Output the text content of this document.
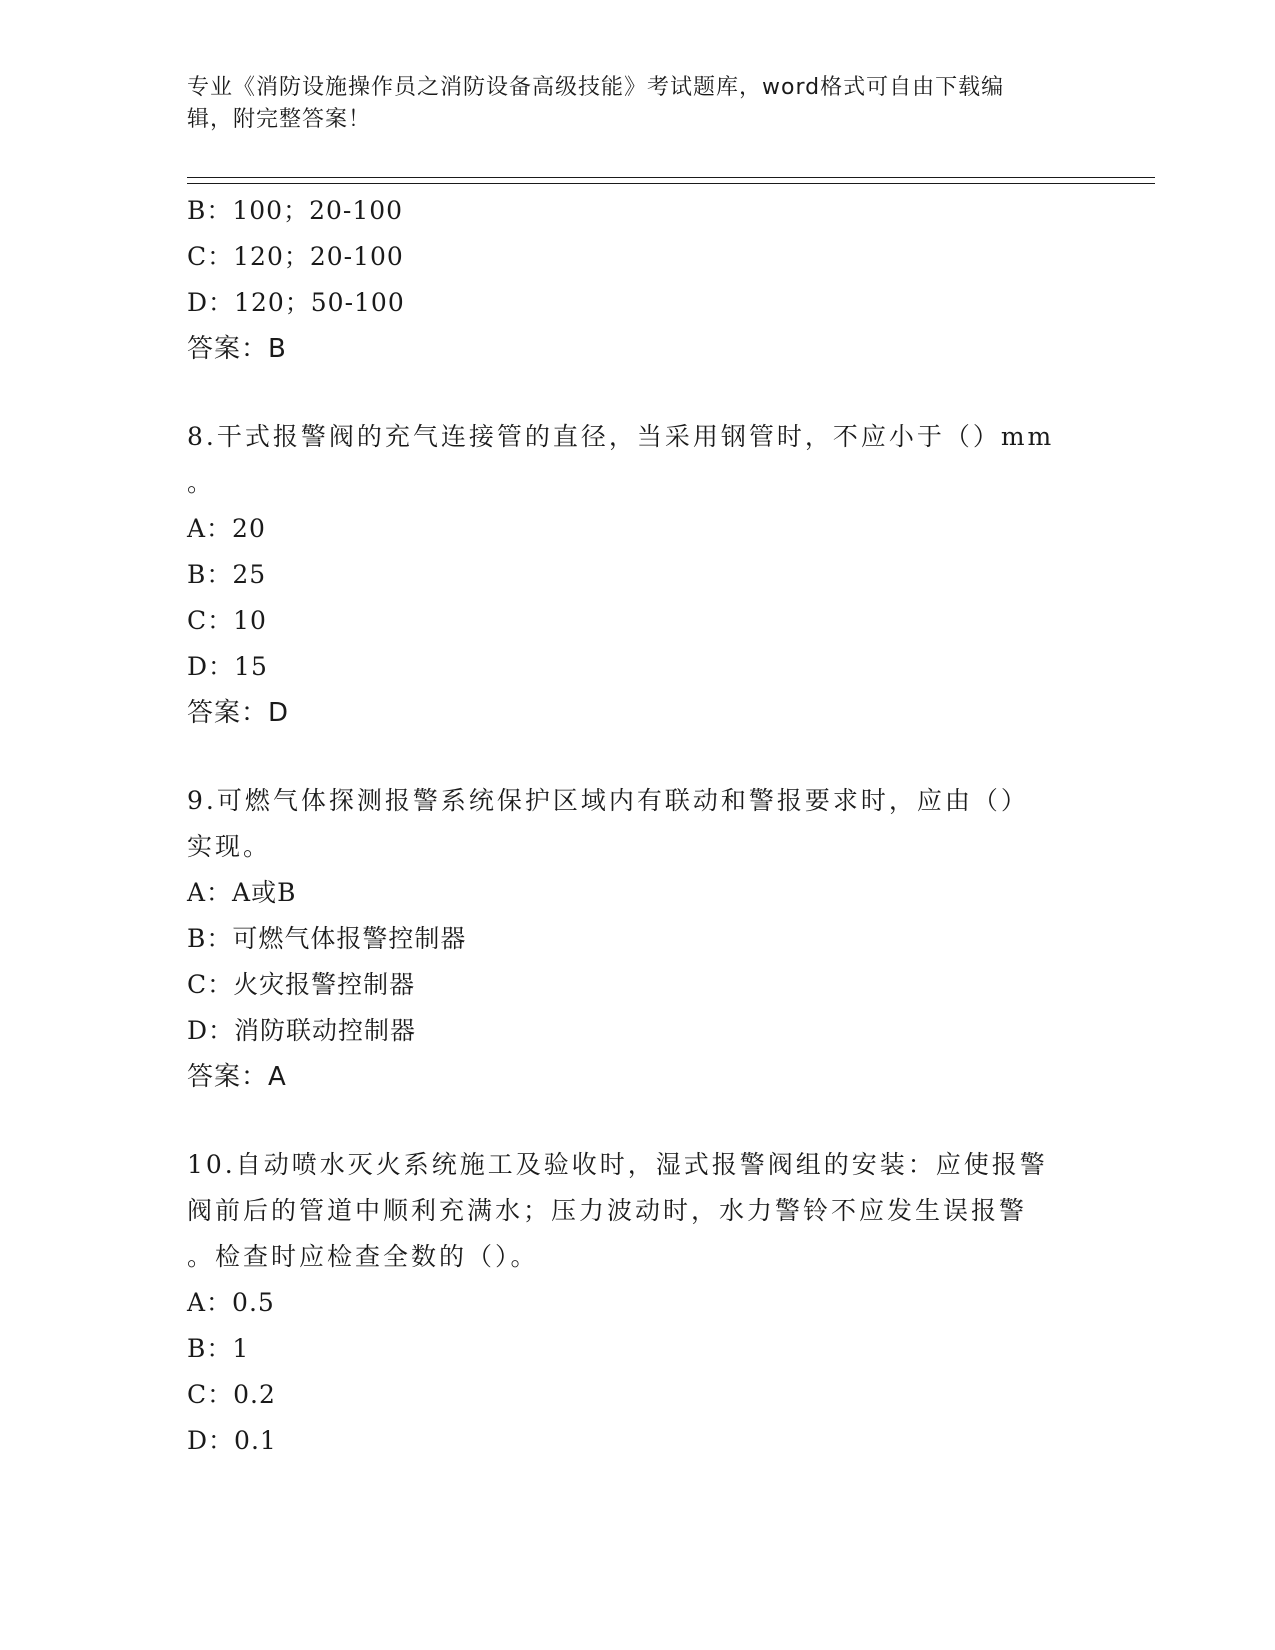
专业《消防设施操作员之消防设备高级技能》考试题库，word格式可自由下载编
辑，附完整答案！
B：100；20-100
C：120；20-100
D：120；50-100
答案：B
8.干式报警阀的充气连接管的直径，当采用钢管时，不应小于（）mm
。
A：20
B：25
C：10
D：15
答案：D
9.可燃气体探测报警系统保护区域内有联动和警报要求时，应由（）
实现。
A：A或B
B：可燃气体报警控制器
C：火灾报警控制器
D：消防联动控制器
答案：A
10.自动喷水灭火系统施工及验收时，湿式报警阀组的安装：应使报警
阀前后的管道中顺利充满水；压力波动时，水力警铃不应发生误报警
。检查时应检查全数的（）。
A：0.5
B：1
C：0.2
D：0.1
